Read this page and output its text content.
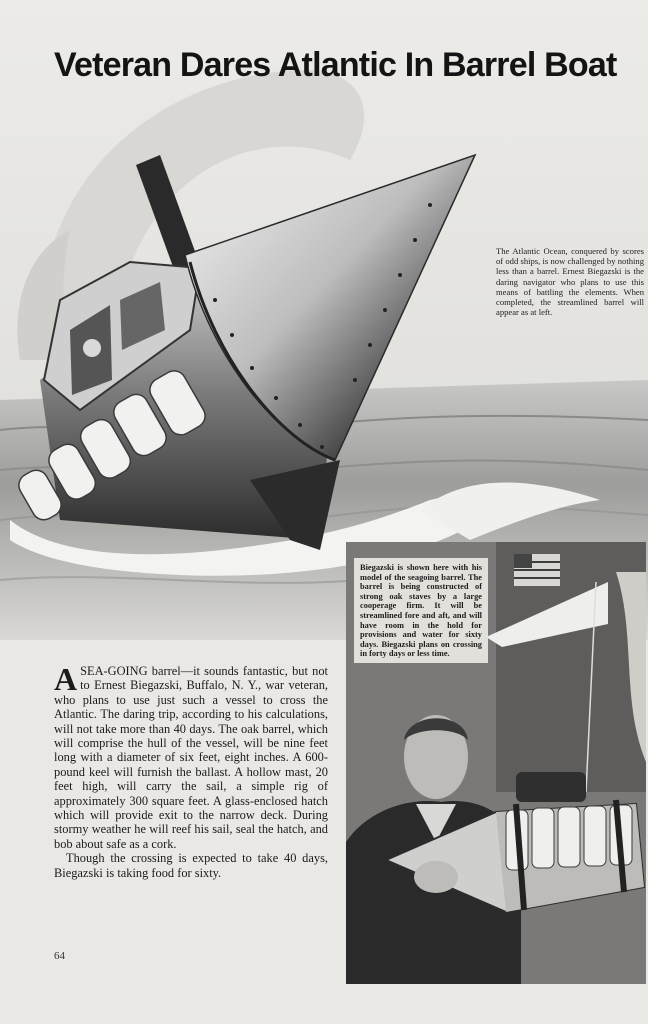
Veteran Dares Atlantic In Barrel Boat
The Atlantic Ocean, conquered by scores of odd ships, is now challenged by nothing less than a barrel. Ernest Biegazski is the daring navigator who plans to use this means of battling the elements. When completed, the streamlined barrel will appear as at left.
Biegazski is shown here with his model of the seagoing barrel. The barrel is being constructed of strong oak staves by a large cooperage firm. It will be streamlined fore and aft, and will have room in the hold for provisions and water for sixty days. Biegazski plans on crossing in forty days or less time.

ASEA-GOING barrel—it sounds fantastic, but not to Ernest Biegazski, Buffalo, N. Y., war veteran, who plans to use just such a vessel to cross the Atlantic. The daring trip, according to his calculations, will not take more than 40 days. The oak barrel, which will comprise the hull of the vessel, will be nine feet long with a diameter of six feet, eight inches. A 600-pound keel will furnish the ballast. A hollow mast, 20 feet high, will carry the sail, a simple rig of approximately 300 square feet. A glass-enclosed hatch which will provide exit to the narrow deck. During stormy weather he will reef his sail, seal the hatch, and bob about safe as a cork.

Though the crossing is expected to take 40 days, Biegazski is taking food for sixty.

64
